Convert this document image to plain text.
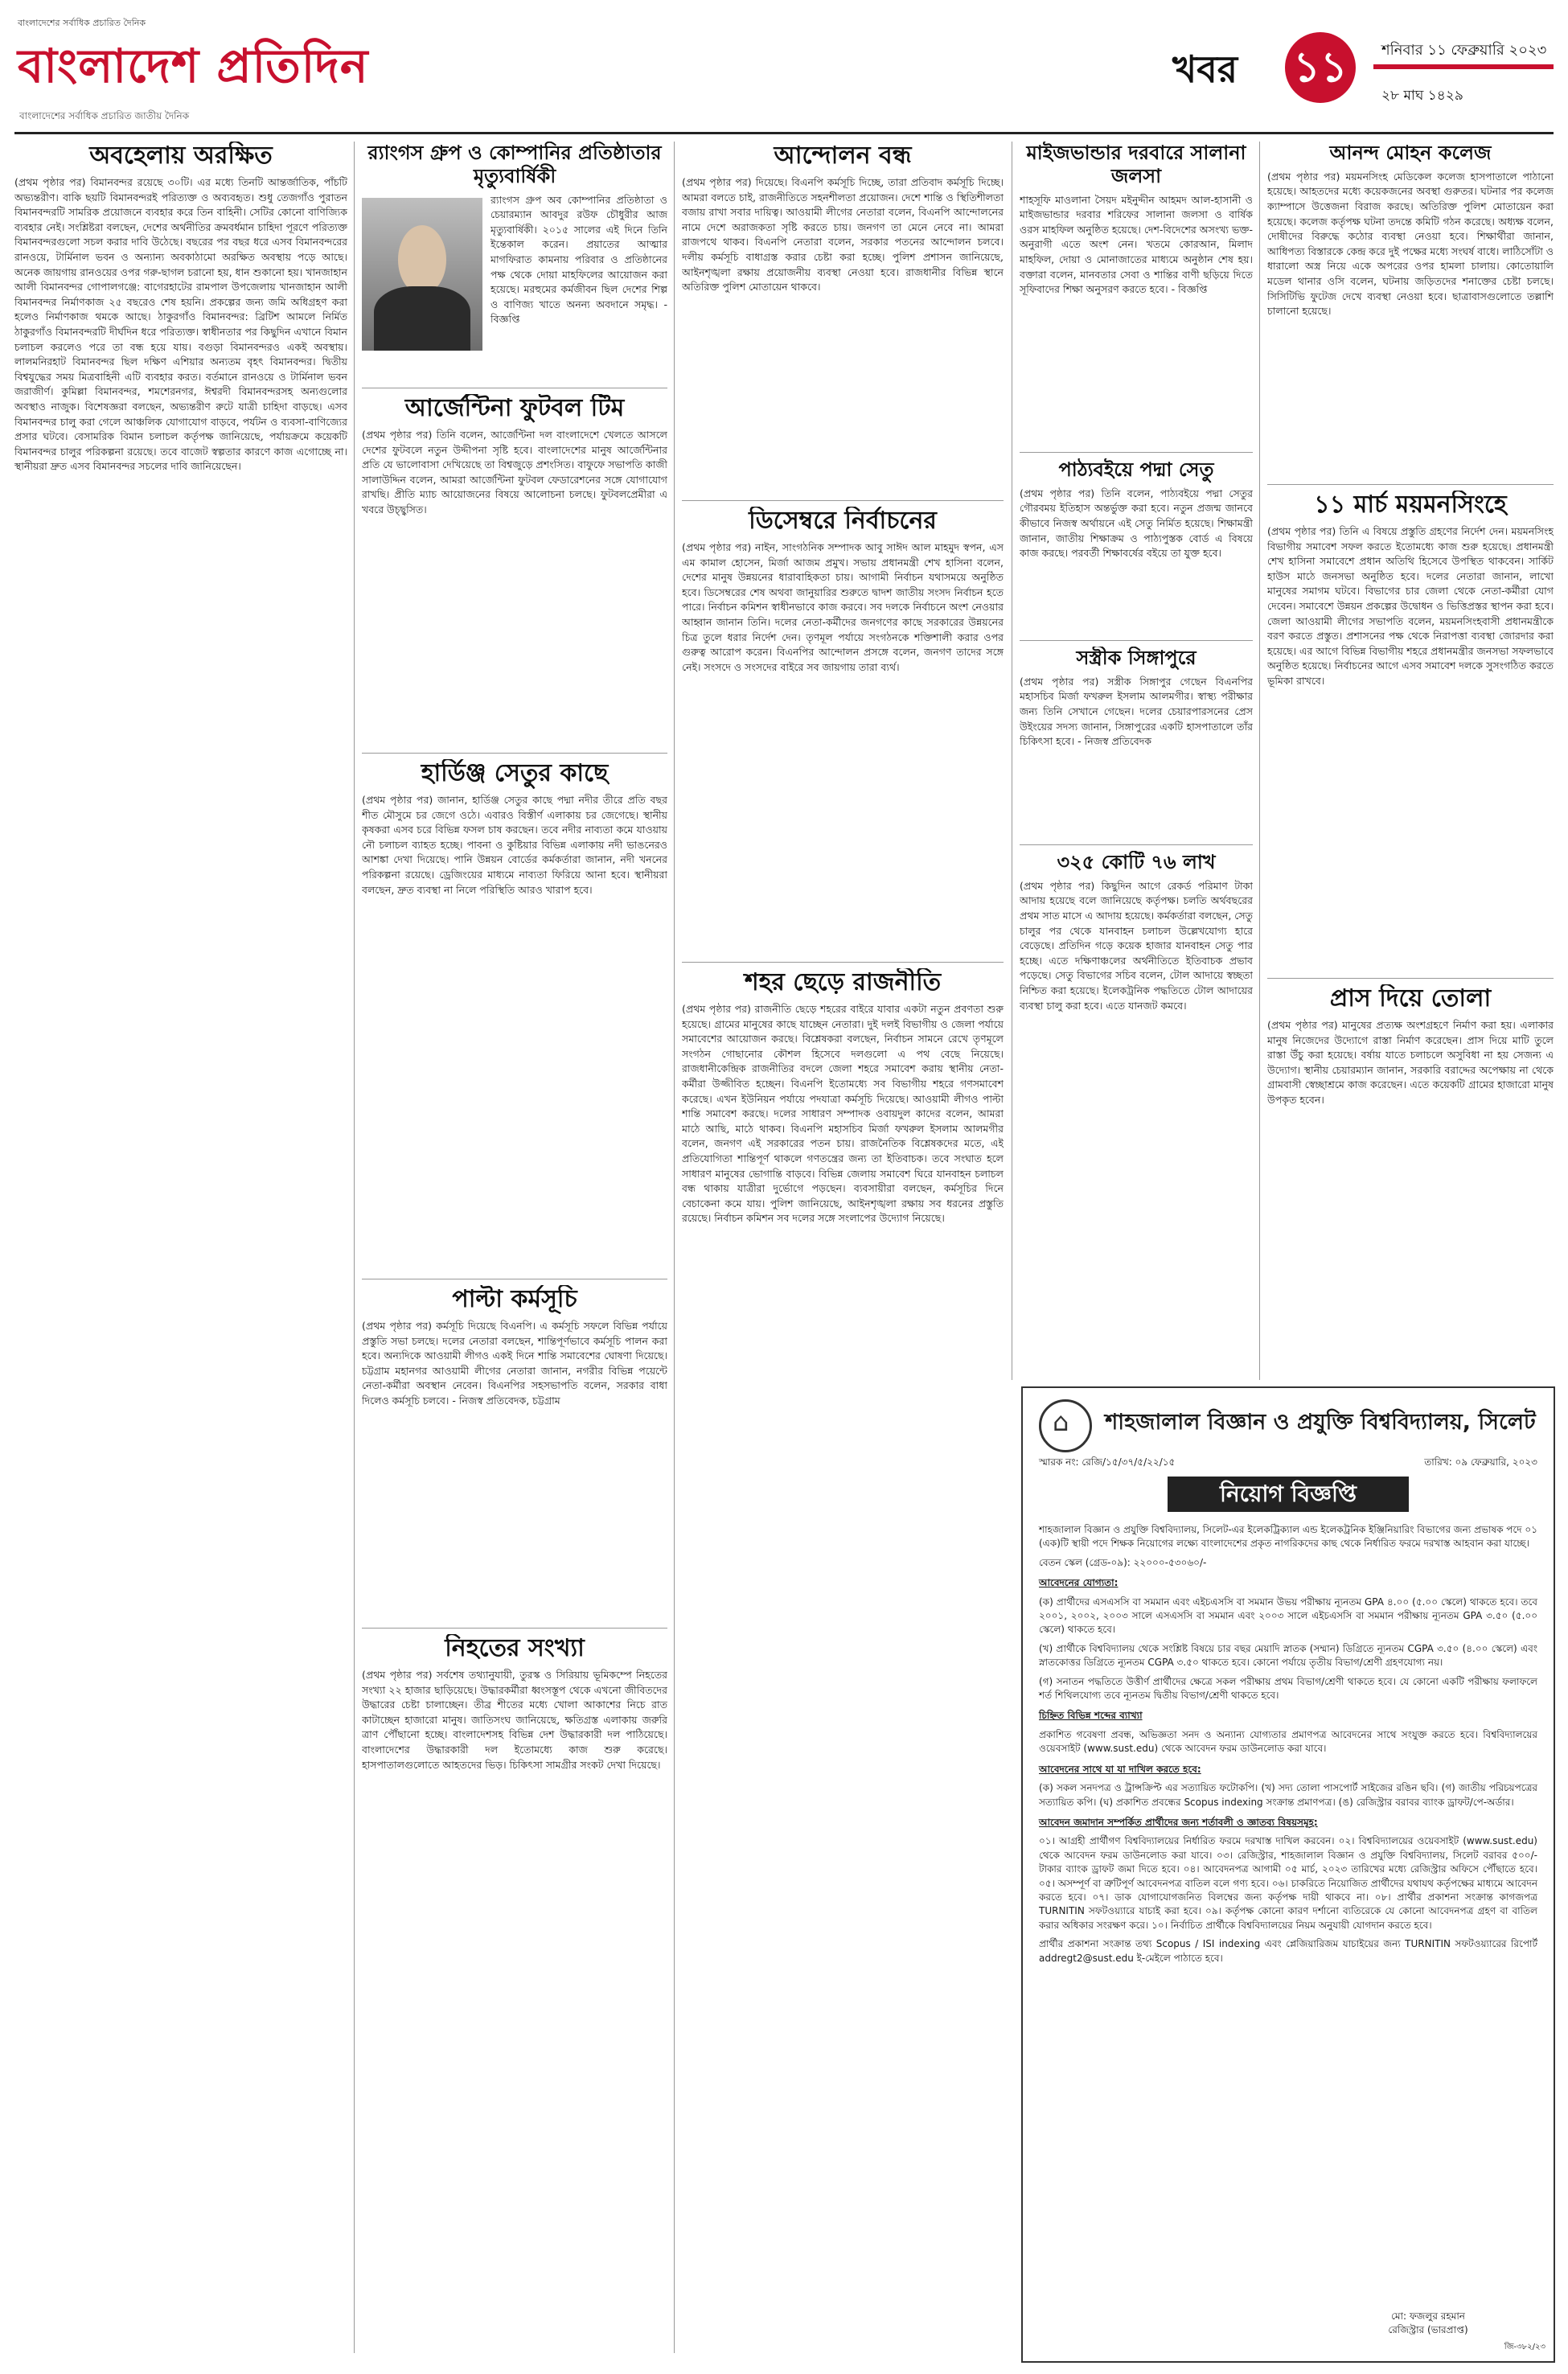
বাংলাদেশের সর্বাধিক প্রচারিত দৈনিক
বাংলাদেশ প্রতিদিন
বাংলাদেশের সর্বাধিক প্রচারিত জাতীয় দৈনিক
খবর ১১	শনিবার ১১ ফেব্রুয়ারি ২০২৩
২৮ মাঘ ১৪২৯
অবহেলায় অরক্ষিত

(প্রথম পৃষ্ঠার পর) বিমানবন্দর রয়েছে ৩০টি। এর মধ্যে তিনটি আন্তর্জাতিক, পাঁচটি অভ্যন্তরীণ। বাকি ছয়টি বিমানবন্দরই পরিত্যক্ত ও অব্যবহৃত। শুধু তেজগাঁও পুরাতন বিমানবন্দরটি সামরিক প্রয়োজনে ব্যবহার করে তিন বাহিনী। সেটির কোনো বাণিজ্যিক ব্যবহার নেই। সংশ্লিষ্টরা বলছেন, দেশের অর্থনীতির ক্রমবর্ধমান চাহিদা পূরণে পরিত্যক্ত বিমানবন্দরগুলো সচল করার দাবি উঠেছে। বছরের পর বছর ধরে এসব বিমানবন্দরের রানওয়ে, টার্মিনাল ভবন ও অন্যান্য অবকাঠামো অরক্ষিত অবস্থায় পড়ে আছে। অনেক জায়গায় রানওয়ের ওপর গরু-ছাগল চরানো হয়, ধান শুকানো হয়। খানজাহান আলী বিমানবন্দর গোপালগঞ্জে: বাগেরহাটের রামপাল উপজেলায় খানজাহান আলী বিমানবন্দর নির্মাণকাজ ২৫ বছরেও শেষ হয়নি। প্রকল্পের জন্য জমি অধিগ্রহণ করা হলেও নির্মাণকাজ থমকে আছে। ঠাকুরগাঁও বিমানবন্দর: ব্রিটিশ আমলে নির্মিত ঠাকুরগাঁও বিমানবন্দরটি দীর্ঘদিন ধরে পরিত্যক্ত। স্বাধীনতার পর কিছুদিন এখানে বিমান চলাচল করলেও পরে তা বন্ধ হয়ে যায়। বগুড়া বিমানবন্দরও একই অবস্থায়। লালমনিরহাট বিমানবন্দর ছিল দক্ষিণ এশিয়ার অন্যতম বৃহৎ বিমানবন্দর। দ্বিতীয় বিশ্বযুদ্ধের সময় মিত্রবাহিনী এটি ব্যবহার করত। বর্তমানে রানওয়ে ও টার্মিনাল ভবন জরাজীর্ণ। কুমিল্লা বিমানবন্দর, শমশেরনগর, ঈশ্বরদী বিমানবন্দরসহ অন্যগুলোর অবস্থাও নাজুক। বিশেষজ্ঞরা বলছেন, অভ্যন্তরীণ রুটে যাত্রী চাহিদা বাড়ছে। এসব বিমানবন্দর চালু করা গেলে আঞ্চলিক যোগাযোগ বাড়বে, পর্যটন ও ব্যবসা-বাণিজ্যের প্রসার ঘটবে। বেসামরিক বিমান চলাচল কর্তৃপক্ষ জানিয়েছে, পর্যায়ক্রমে কয়েকটি বিমানবন্দর চালুর পরিকল্পনা রয়েছে। তবে বাজেট স্বল্পতার কারণে কাজ এগোচ্ছে না। স্থানীয়রা দ্রুত এসব বিমানবন্দর সচলের দাবি জানিয়েছেন।

র‌্যাংগস গ্রুপ ও কোম্পানির প্রতিষ্ঠাতার মৃত্যুবার্ষিকী

র‌্যাংগস গ্রুপ অব কোম্পানির প্রতিষ্ঠাতা ও চেয়ারম্যান আবদুর রউফ চৌধুরীর আজ মৃত্যুবার্ষিকী। ২০১৫ সালের এই দিনে তিনি ইন্তেকাল করেন। প্রয়াতের আত্মার মাগফিরাত কামনায় পরিবার ও প্রতিষ্ঠানের পক্ষ থেকে দোয়া মাহফিলের আয়োজন করা হয়েছে। মরহুমের কর্মজীবন ছিল দেশের শিল্প ও বাণিজ্য খাতে অনন্য অবদানে সমৃদ্ধ। - বিজ্ঞপ্তি

আর্জেন্টিনা ফুটবল টিম

(প্রথম পৃষ্ঠার পর) তিনি বলেন, আর্জেন্টিনা দল বাংলাদেশে খেলতে আসলে দেশের ফুটবলে নতুন উদ্দীপনা সৃষ্টি হবে। বাংলাদেশের মানুষ আর্জেন্টিনার প্রতি যে ভালোবাসা দেখিয়েছে তা বিশ্বজুড়ে প্রশংসিত। বাফুফে সভাপতি কাজী সালাউদ্দিন বলেন, আমরা আর্জেন্টিনা ফুটবল ফেডারেশনের সঙ্গে যোগাযোগ রাখছি। প্রীতি ম্যাচ আয়োজনের বিষয়ে আলোচনা চলছে। ফুটবলপ্রেমীরা এ খবরে উচ্ছ্বসিত।

হার্ডিঞ্জ সেতুর কাছে

(প্রথম পৃষ্ঠার পর) জানান, হার্ডিঞ্জ সেতুর কাছে পদ্মা নদীর তীরে প্রতি বছর শীত মৌসুমে চর জেগে ওঠে। এবারও বিস্তীর্ণ এলাকায় চর জেগেছে। স্থানীয় কৃষকরা এসব চরে বিভিন্ন ফসল চাষ করছেন। তবে নদীর নাব্যতা কমে যাওয়ায় নৌ চলাচল ব্যাহত হচ্ছে। পাবনা ও কুষ্টিয়ার বিভিন্ন এলাকায় নদী ভাঙনেরও আশঙ্কা দেখা দিয়েছে। পানি উন্নয়ন বোর্ডের কর্মকর্তারা জানান, নদী খননের পরিকল্পনা রয়েছে। ড্রেজিংয়ের মাধ্যমে নাব্যতা ফিরিয়ে আনা হবে। স্থানীয়রা বলছেন, দ্রুত ব্যবস্থা না নিলে পরিস্থিতি আরও খারাপ হবে।

পাল্টা কর্মসূচি

(প্রথম পৃষ্ঠার পর) কর্মসূচি দিয়েছে বিএনপি। এ কর্মসূচি সফলে বিভিন্ন পর্যায়ে প্রস্তুতি সভা চলছে। দলের নেতারা বলছেন, শান্তিপূর্ণভাবে কর্মসূচি পালন করা হবে। অন্যদিকে আওয়ামী লীগও একই দিনে শান্তি সমাবেশের ঘোষণা দিয়েছে। চট্টগ্রাম মহানগর আওয়ামী লীগের নেতারা জানান, নগরীর বিভিন্ন পয়েন্টে নেতা-কর্মীরা অবস্থান নেবেন। বিএনপির সহসভাপতি বলেন, সরকার বাধা দিলেও কর্মসূচি চলবে। - নিজস্ব প্রতিবেদক, চট্টগ্রাম

নিহতের সংখ্যা

(প্রথম পৃষ্ঠার পর) সর্বশেষ তথ্যানুযায়ী, তুরস্ক ও সিরিয়ায় ভূমিকম্পে নিহতের সংখ্যা ২২ হাজার ছাড়িয়েছে। উদ্ধারকর্মীরা ধ্বংসস্তূপ থেকে এখনো জীবিতদের উদ্ধারের চেষ্টা চালাচ্ছেন। তীব্র শীতের মধ্যে খোলা আকাশের নিচে রাত কাটাচ্ছেন হাজারো মানুষ। জাতিসংঘ জানিয়েছে, ক্ষতিগ্রস্ত এলাকায় জরুরি ত্রাণ পৌঁছানো হচ্ছে। বাংলাদেশসহ বিভিন্ন দেশ উদ্ধারকারী দল পাঠিয়েছে। বাংলাদেশের উদ্ধারকারী দল ইতোমধ্যে কাজ শুরু করেছে। হাসপাতালগুলোতে আহতদের ভিড়। চিকিৎসা সামগ্রীর সংকট দেখা দিয়েছে।

আন্দোলন বন্ধ

(প্রথম পৃষ্ঠার পর) দিয়েছে। বিএনপি কর্মসূচি দিচ্ছে, তারা প্রতিবাদ কর্মসূচি দিচ্ছে। আমরা বলতে চাই, রাজনীতিতে সহনশীলতা প্রয়োজন। দেশে শান্তি ও স্থিতিশীলতা বজায় রাখা সবার দায়িত্ব। আওয়ামী লীগের নেতারা বলেন, বিএনপি আন্দোলনের নামে দেশে অরাজকতা সৃষ্টি করতে চায়। জনগণ তা মেনে নেবে না। আমরা রাজপথে থাকব। বিএনপি নেতারা বলেন, সরকার পতনের আন্দোলন চলবে। দলীয় কর্মসূচি বাধাগ্রস্ত করার চেষ্টা করা হচ্ছে। পুলিশ প্রশাসন জানিয়েছে, আইনশৃঙ্খলা রক্ষায় প্রয়োজনীয় ব্যবস্থা নেওয়া হবে। রাজধানীর বিভিন্ন স্থানে অতিরিক্ত পুলিশ মোতায়েন থাকবে।

ডিসেম্বরে নির্বাচনের

(প্রথম পৃষ্ঠার পর) নাইন, সাংগঠনিক সম্পাদক আবু সাঈদ আল মাহমুদ স্বপন, এস এম কামাল হোসেন, মির্জা আজম প্রমুখ। সভায় প্রধানমন্ত্রী শেখ হাসিনা বলেন, দেশের মানুষ উন্নয়নের ধারাবাহিকতা চায়। আগামী নির্বাচন যথাসময়ে অনুষ্ঠিত হবে। ডিসেম্বরের শেষ অথবা জানুয়ারির শুরুতে দ্বাদশ জাতীয় সংসদ নির্বাচন হতে পারে। নির্বাচন কমিশন স্বাধীনভাবে কাজ করবে। সব দলকে নির্বাচনে অংশ নেওয়ার আহ্বান জানান তিনি। দলের নেতা-কর্মীদের জনগণের কাছে সরকারের উন্নয়নের চিত্র তুলে ধরার নির্দেশ দেন। তৃণমূল পর্যায়ে সংগঠনকে শক্তিশালী করার ওপর গুরুত্ব আরোপ করেন। বিএনপির আন্দোলন প্রসঙ্গে বলেন, জনগণ তাদের সঙ্গে নেই। সংসদে ও সংসদের বাইরে সব জায়গায় তারা ব্যর্থ।

শহর ছেড়ে রাজনীতি

(প্রথম পৃষ্ঠার পর) রাজনীতি ছেড়ে শহরের বাইরে যাবার একটা নতুন প্রবণতা শুরু হয়েছে। গ্রামের মানুষের কাছে যাচ্ছেন নেতারা। দুই দলই বিভাগীয় ও জেলা পর্যায়ে সমাবেশের আয়োজন করছে। বিশ্লেষকরা বলছেন, নির্বাচন সামনে রেখে তৃণমূলে সংগঠন গোছানোর কৌশল হিসেবে দলগুলো এ পথ বেছে নিয়েছে। রাজধানীকেন্দ্রিক রাজনীতির বদলে জেলা শহরে সমাবেশ করায় স্থানীয় নেতা-কর্মীরা উজ্জীবিত হচ্ছেন। বিএনপি ইতোমধ্যে সব বিভাগীয় শহরে গণসমাবেশ করেছে। এখন ইউনিয়ন পর্যায়ে পদযাত্রা কর্মসূচি দিয়েছে। আওয়ামী লীগও পাল্টা শান্তি সমাবেশ করছে। দলের সাধারণ সম্পাদক ওবায়দুল কাদের বলেন, আমরা মাঠে আছি, মাঠে থাকব। বিএনপি মহাসচিব মির্জা ফখরুল ইসলাম আলমগীর বলেন, জনগণ এই সরকারের পতন চায়। রাজনৈতিক বিশ্লেষকদের মতে, এই প্রতিযোগিতা শান্তিপূর্ণ থাকলে গণতন্ত্রের জন্য তা ইতিবাচক। তবে সংঘাত হলে সাধারণ মানুষের ভোগান্তি বাড়বে। বিভিন্ন জেলায় সমাবেশ ঘিরে যানবাহন চলাচল বন্ধ থাকায় যাত্রীরা দুর্ভোগে পড়ছেন। ব্যবসায়ীরা বলছেন, কর্মসূচির দিনে বেচাকেনা কমে যায়। পুলিশ জানিয়েছে, আইনশৃঙ্খলা রক্ষায় সব ধরনের প্রস্তুতি রয়েছে। নির্বাচন কমিশন সব দলের সঙ্গে সংলাপের উদ্যোগ নিয়েছে।

মাইজভান্ডার দরবারে সালানা জলসা

শাহসূফি মাওলানা সৈয়দ মইনুদ্দীন আহমদ আল-হাসানী ও মাইজভান্ডার দরবার শরিফের সালানা জলসা ও বার্ষিক ওরস মাহফিল অনুষ্ঠিত হয়েছে। দেশ-বিদেশের অসংখ্য ভক্ত-অনুরাগী এতে অংশ নেন। খতমে কোরআন, মিলাদ মাহফিল, দোয়া ও মোনাজাতের মাধ্যমে অনুষ্ঠান শেষ হয়। বক্তারা বলেন, মানবতার সেবা ও শান্তির বাণী ছড়িয়ে দিতে সূফিবাদের শিক্ষা অনুসরণ করতে হবে। - বিজ্ঞপ্তি

পাঠ্যবইয়ে পদ্মা সেতু

(প্রথম পৃষ্ঠার পর) তিনি বলেন, পাঠ্যবইয়ে পদ্মা সেতুর গৌরবময় ইতিহাস অন্তর্ভুক্ত করা হবে। নতুন প্রজন্ম জানবে কীভাবে নিজস্ব অর্থায়নে এই সেতু নির্মিত হয়েছে। শিক্ষামন্ত্রী জানান, জাতীয় শিক্ষাক্রম ও পাঠ্যপুস্তক বোর্ড এ বিষয়ে কাজ করছে। পরবর্তী শিক্ষাবর্ষের বইয়ে তা যুক্ত হবে।

সস্ত্রীক সিঙ্গাপুরে

(প্রথম পৃষ্ঠার পর) সস্ত্রীক সিঙ্গাপুর গেছেন বিএনপির মহাসচিব মির্জা ফখরুল ইসলাম আলমগীর। স্বাস্থ্য পরীক্ষার জন্য তিনি সেখানে গেছেন। দলের চেয়ারপারসনের প্রেস উইংয়ের সদস্য জানান, সিঙ্গাপুরের একটি হাসপাতালে তাঁর চিকিৎসা হবে। - নিজস্ব প্রতিবেদক

৩২৫ কোটি ৭৬ লাখ

(প্রথম পৃষ্ঠার পর) কিছুদিন আগে রেকর্ড পরিমাণ টাকা আদায় হয়েছে বলে জানিয়েছে কর্তৃপক্ষ। চলতি অর্থবছরের প্রথম সাত মাসে এ আদায় হয়েছে। কর্মকর্তারা বলছেন, সেতু চালুর পর থেকে যানবাহন চলাচল উল্লেখযোগ্য হারে বেড়েছে। প্রতিদিন গড়ে কয়েক হাজার যানবাহন সেতু পার হচ্ছে। এতে দক্ষিণাঞ্চলের অর্থনীতিতে ইতিবাচক প্রভাব পড়েছে। সেতু বিভাগের সচিব বলেন, টোল আদায়ে স্বচ্ছতা নিশ্চিত করা হয়েছে। ইলেকট্রনিক পদ্ধতিতে টোল আদায়ের ব্যবস্থা চালু করা হবে। এতে যানজট কমবে।

আনন্দ মোহন কলেজ

(প্রথম পৃষ্ঠার পর) ময়মনসিংহ মেডিকেল কলেজ হাসপাতালে পাঠানো হয়েছে। আহতদের মধ্যে কয়েকজনের অবস্থা গুরুতর। ঘটনার পর কলেজ ক্যাম্পাসে উত্তেজনা বিরাজ করছে। অতিরিক্ত পুলিশ মোতায়েন করা হয়েছে। কলেজ কর্তৃপক্ষ ঘটনা তদন্তে কমিটি গঠন করেছে। অধ্যক্ষ বলেন, দোষীদের বিরুদ্ধে কঠোর ব্যবস্থা নেওয়া হবে। শিক্ষার্থীরা জানান, আধিপত্য বিস্তারকে কেন্দ্র করে দুই পক্ষের মধ্যে সংঘর্ষ বাধে। লাঠিসোঁটা ও ধারালো অস্ত্র নিয়ে একে অপরের ওপর হামলা চালায়। কোতোয়ালি মডেল থানার ওসি বলেন, ঘটনায় জড়িতদের শনাক্তের চেষ্টা চলছে। সিসিটিভি ফুটেজ দেখে ব্যবস্থা নেওয়া হবে। ছাত্রাবাসগুলোতে তল্লাশি চালানো হয়েছে।

১১ মার্চ ময়মনসিংহে

(প্রথম পৃষ্ঠার পর) তিনি এ বিষয়ে প্রস্তুতি গ্রহণের নির্দেশ দেন। ময়মনসিংহ বিভাগীয় সমাবেশ সফল করতে ইতোমধ্যে কাজ শুরু হয়েছে। প্রধানমন্ত্রী শেখ হাসিনা সমাবেশে প্রধান অতিথি হিসেবে উপস্থিত থাকবেন। সার্কিট হাউস মাঠে জনসভা অনুষ্ঠিত হবে। দলের নেতারা জানান, লাখো মানুষের সমাগম ঘটবে। বিভাগের চার জেলা থেকে নেতা-কর্মীরা যোগ দেবেন। সমাবেশে উন্নয়ন প্রকল্পের উদ্বোধন ও ভিত্তিপ্রস্তর স্থাপন করা হবে। জেলা আওয়ামী লীগের সভাপতি বলেন, ময়মনসিংহবাসী প্রধানমন্ত্রীকে বরণ করতে প্রস্তুত। প্রশাসনের পক্ষ থেকে নিরাপত্তা ব্যবস্থা জোরদার করা হয়েছে। এর আগে বিভিন্ন বিভাগীয় শহরে প্রধানমন্ত্রীর জনসভা সফলভাবে অনুষ্ঠিত হয়েছে। নির্বাচনের আগে এসব সমাবেশ দলকে সুসংগঠিত করতে ভূমিকা রাখবে।

প্রাস দিয়ে তোলা

(প্রথম পৃষ্ঠার পর) মানুষের প্রত্যক্ষ অংশগ্রহণে নির্মাণ করা হয়। এলাকার মানুষ নিজেদের উদ্যোগে রাস্তা নির্মাণ করেছেন। প্রাস দিয়ে মাটি তুলে রাস্তা উঁচু করা হয়েছে। বর্ষায় যাতে চলাচলে অসুবিধা না হয় সেজন্য এ উদ্যোগ। স্থানীয় চেয়ারম্যান জানান, সরকারি বরাদ্দের অপেক্ষায় না থেকে গ্রামবাসী স্বেচ্ছাশ্রমে কাজ করেছেন। এতে কয়েকটি গ্রামের হাজারো মানুষ উপকৃত হবেন।

⌂
শাহজালাল বিজ্ঞান ও প্রযুক্তি বিশ্ববিদ্যালয়, সিলেট
স্মারক নং: রেজি/১৫/৩৭/৫/২২/১৫	তারিখ: ০৯ ফেব্রুয়ারি, ২০২৩
নিয়োগ বিজ্ঞপ্তি

শাহজালাল বিজ্ঞান ও প্রযুক্তি বিশ্ববিদ্যালয়, সিলেট-এর ইলেকট্রিক্যাল এন্ড ইলেকট্রনিক ইঞ্জিনিয়ারিং বিভাগের জন্য প্রভাষক পদে ০১ (এক)টি স্থায়ী পদে শিক্ষক নিয়োগের লক্ষ্যে বাংলাদেশের প্রকৃত নাগরিকদের কাছ থেকে নির্ধারিত ফরমে দরখাস্ত আহবান করা যাচ্ছে।

বেতন স্কেল (গ্রেড-০৯): ২২০০০-৫৩০৬০/-

আবেদনের যোগ্যতা:

(ক) প্রার্থীদের এসএসসি বা সমমান এবং এইচএসসি বা সমমান উভয় পরীক্ষায় ন্যূনতম GPA ৪.০০ (৫.০০ স্কেলে) থাকতে হবে। তবে ২০০১, ২০০২, ২০০৩ সালে এসএসসি বা সমমান এবং ২০০৩ সালে এইচএসসি বা সমমান পরীক্ষায় ন্যূনতম GPA ৩.৫০ (৫.০০ স্কেলে) থাকতে হবে।

(খ) প্রার্থীকে বিশ্ববিদ্যালয় থেকে সংশ্লিষ্ট বিষয়ে চার বছর মেয়াদি স্নাতক (সম্মান) ডিগ্রিতে ন্যূনতম CGPA ৩.৫০ (৪.০০ স্কেলে) এবং স্নাতকোত্তর ডিগ্রিতে ন্যূনতম CGPA ৩.৫০ থাকতে হবে। কোনো পর্যায়ে তৃতীয় বিভাগ/শ্রেণী গ্রহণযোগ্য নয়।

(গ) সনাতন পদ্ধতিতে উত্তীর্ণ প্রার্থীদের ক্ষেত্রে সকল পরীক্ষায় প্রথম বিভাগ/শ্রেণী থাকতে হবে। যে কোনো একটি পরীক্ষায় ফলাফলে শর্ত শিথিলযোগ্য তবে ন্যূনতম দ্বিতীয় বিভাগ/শ্রেণী থাকতে হবে।

চিহ্নিত বিভিন্ন শব্দের ব্যাখ্যা

প্রকাশিত গবেষণা প্রবন্ধ, অভিজ্ঞতা সনদ ও অন্যান্য যোগ্যতার প্রমাণপত্র আবেদনের সাথে সংযুক্ত করতে হবে। বিশ্ববিদ্যালয়ের ওয়েবসাইট (www.sust.edu) থেকে আবেদন ফরম ডাউনলোড করা যাবে।

আবেদনের সাথে যা যা দাখিল করতে হবে:

(ক) সকল সনদপত্র ও ট্রান্সক্রিপ্ট এর সত্যায়িত ফটোকপি। (খ) সদ্য তোলা পাসপোর্ট সাইজের রঙিন ছবি। (গ) জাতীয় পরিচয়পত্রের সত্যায়িত কপি। (ঘ) প্রকাশিত প্রবন্ধের Scopus indexing সংক্রান্ত প্রমাণপত্র। (ঙ) রেজিস্ট্রার বরাবর ব্যাংক ড্রাফট/পে-অর্ডার।

আবেদন জমাদান সম্পর্কিত প্রার্থীদের জন্য শর্তাবলী ও জ্ঞাতব্য বিষয়সমূহ:

০১। আগ্রহী প্রার্থীগণ বিশ্ববিদ্যালয়ের নির্ধারিত ফরমে দরখাস্ত দাখিল করবেন। ০২। বিশ্ববিদ্যালয়ের ওয়েবসাইট (www.sust.edu) থেকে আবেদন ফরম ডাউনলোড করা যাবে। ০৩। রেজিস্ট্রার, শাহজালাল বিজ্ঞান ও প্রযুক্তি বিশ্ববিদ্যালয়, সিলেট বরাবর ৫০০/- টাকার ব্যাংক ড্রাফট জমা দিতে হবে। ০৪। আবেদনপত্র আগামী ০৫ মার্চ, ২০২৩ তারিখের মধ্যে রেজিস্ট্রার অফিসে পৌঁছাতে হবে। ০৫। অসম্পূর্ণ বা ত্রুটিপূর্ণ আবেদনপত্র বাতিল বলে গণ্য হবে। ০৬। চাকরিতে নিয়োজিত প্রার্থীদের যথাযথ কর্তৃপক্ষের মাধ্যমে আবেদন করতে হবে। ০৭। ডাক যোগাযোগজনিত বিলম্বের জন্য কর্তৃপক্ষ দায়ী থাকবে না। ০৮। প্রার্থীর প্রকাশনা সংক্রান্ত কাগজপত্র TURNITIN সফটওয়্যারে যাচাই করা হবে। ০৯। কর্তৃপক্ষ কোনো কারণ দর্শানো ব্যতিরেকে যে কোনো আবেদনপত্র গ্রহণ বা বাতিল করার অধিকার সংরক্ষণ করে। ১০। নির্বাচিত প্রার্থীকে বিশ্ববিদ্যালয়ের নিয়ম অনুযায়ী যোগদান করতে হবে।

প্রার্থীর প্রকাশনা সংক্রান্ত তথ্য Scopus / ISI indexing এবং প্লেজিয়ারিজম যাচাইয়ের জন্য TURNITIN সফটওয়্যারের রিপোর্ট addregt2@sust.edu ই-মেইলে পাঠাতে হবে।

মো: ফজলুর রহমান
রেজিস্ট্রার (ভারপ্রাপ্ত)
জি-৩৮২/২৩
